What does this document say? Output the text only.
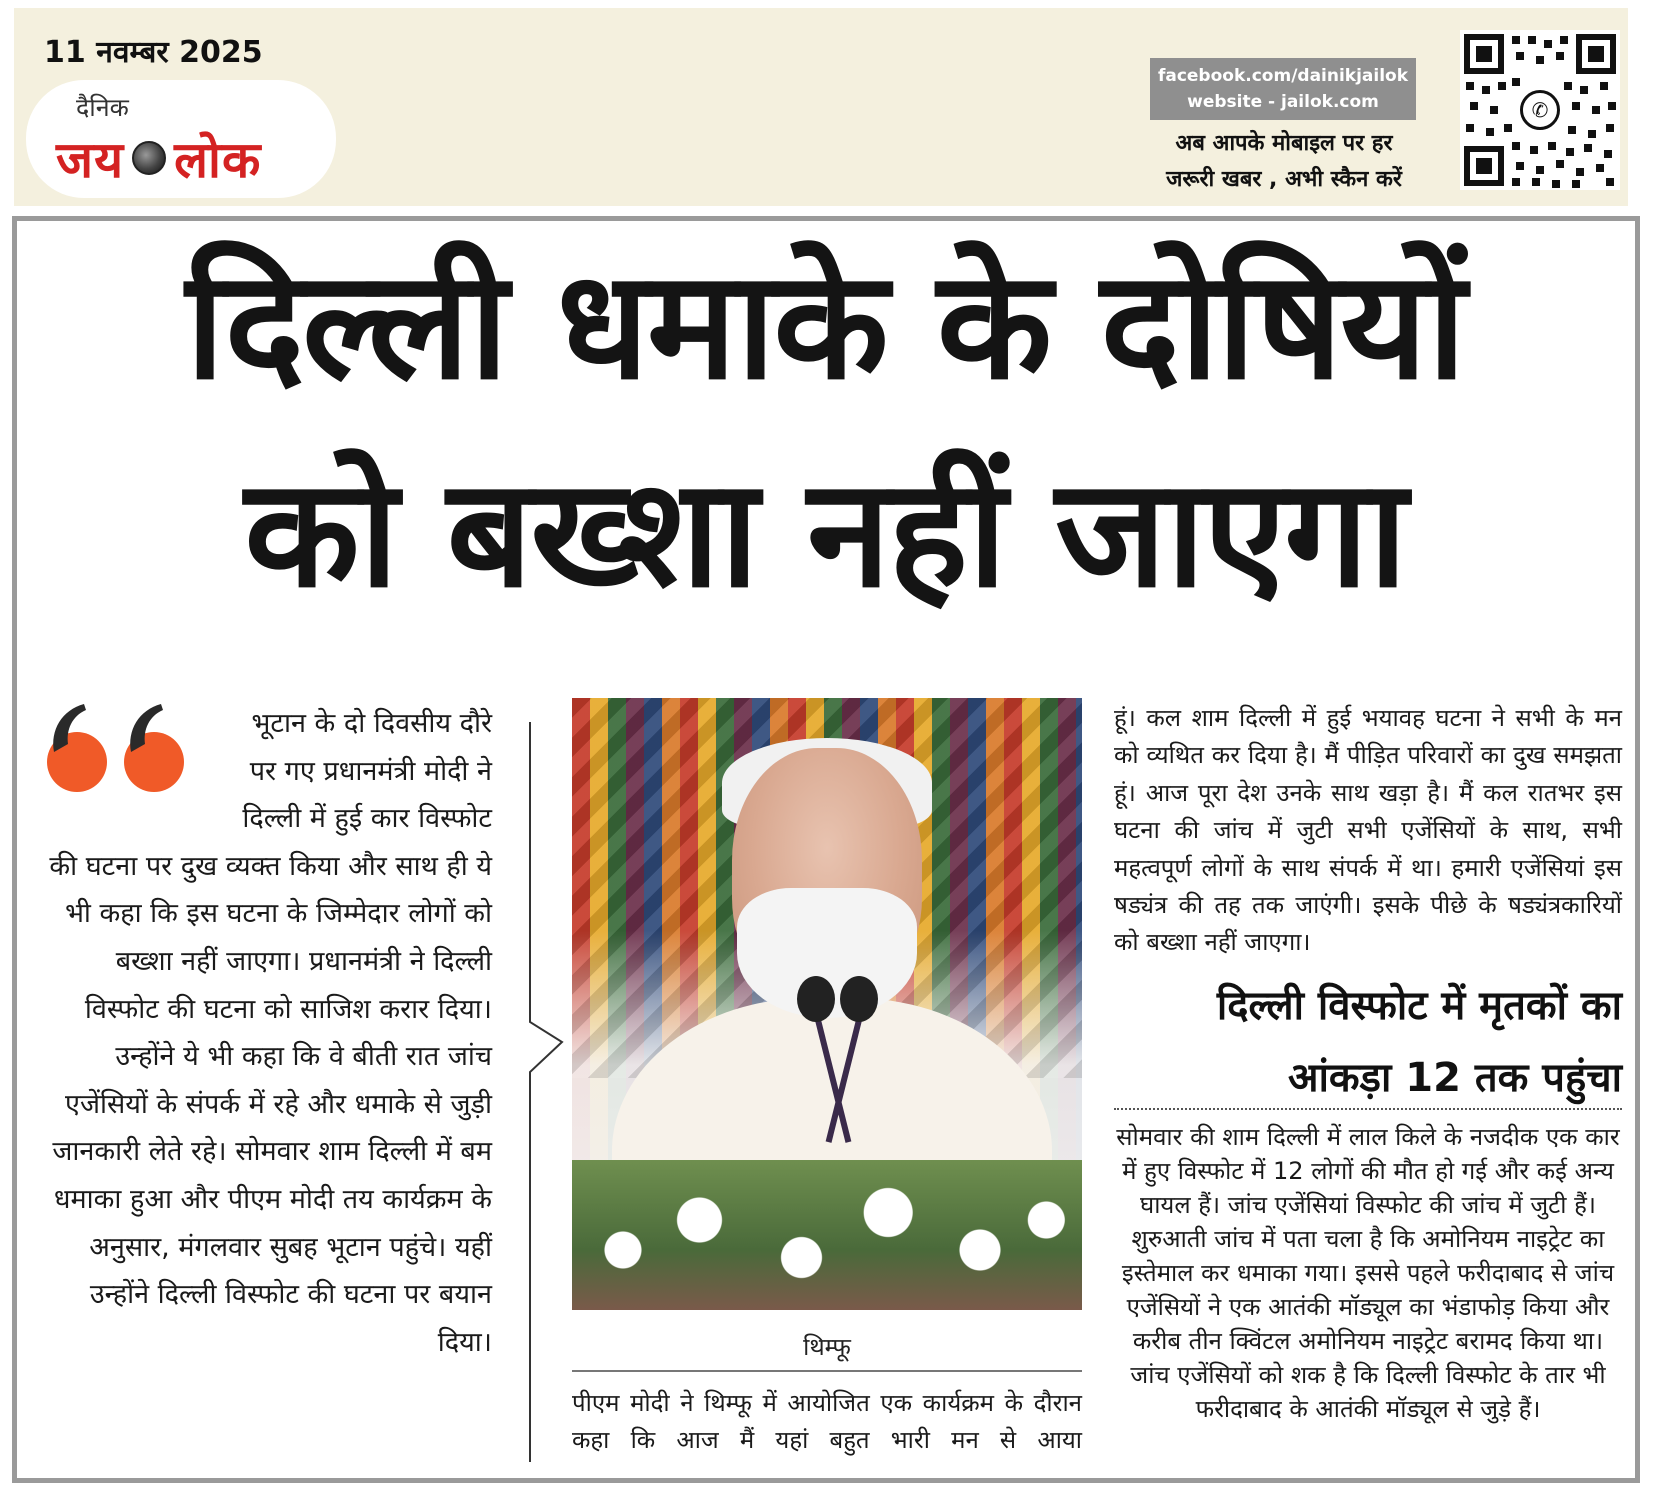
11 नवम्बर 2025
दैनिक
जय लोक
facebook.com/dainikjailok
website - jailok.com
अब आपके मोबाइल पर हर
जरूरी खबर , अभी स्कैन करें
✆
दिल्ली धमाके के दोषियों
को बख्शा नहीं जाएगा

भूटान के दो दिवसीय दौरे पर गए प्रधानमंत्री मोदी ने दिल्ली में हुई कार विस्फोट की घटना पर दुख व्यक्त किया और साथ ही ये भी कहा कि इस घटना के जिम्मेदार लोगों को बख्शा नहीं जाएगा। प्रधानमंत्री ने दिल्ली विस्फोट की घटना को साजिश करार दिया। उन्होंने ये भी कहा कि वे बीती रात जांच एजेंसियों के संपर्क में रहे और धमाके से जुड़ी जानकारी लेते रहे। सोमवार शाम दिल्ली में बम धमाका हुआ और पीएम मोदी तय कार्यक्रम के अनुसार, मंगलवार सुबह भूटान पहुंचे। यहीं उन्होंने दिल्ली विस्फोट की घटना पर बयान दिया।	थिम्फू

पीएम मोदी ने थिम्फू में आयोजित एक कार्यक्रम के दौरान कहा कि आज मैं यहां बहुत भारी मन से आया

हूं। कल शाम दिल्ली में हुई भयावह घटना ने सभी के मन को व्यथित कर दिया है। मैं पीड़ित परिवारों का दुख समझता हूं। आज पूरा देश उनके साथ खड़ा है। मैं कल रातभर इस घटना की जांच में जुटी सभी एजेंसियों के साथ, सभी महत्वपूर्ण लोगों के साथ संपर्क में था। हमारी एजेंसियां इस षड्यंत्र की तह तक जाएंगी। इसके पीछे के षड्यंत्रकारियों को बख्शा नहीं जाएगा।

दिल्ली विस्फोट में मृतकों का
आंकड़ा 12 तक पहुंचा

सोमवार की शाम दिल्ली में लाल किले के नजदीक एक कार में हुए विस्फोट में 12 लोगों की मौत हो गई और कई अन्य घायल हैं। जांच एजेंसियां विस्फोट की जांच में जुटी हैं। शुरुआती जांच में पता चला है कि अमोनियम नाइट्रेट का इस्तेमाल कर धमाका गया। इससे पहले फरीदाबाद से जांच एजेंसियों ने एक आतंकी मॉड्यूल का भंडाफोड़ किया और करीब तीन क्विंटल अमोनियम नाइट्रेट बरामद किया था। जांच एजेंसियों को शक है कि दिल्ली विस्फोट के तार भी फरीदाबाद के आतंकी मॉड्यूल से जुड़े हैं।
